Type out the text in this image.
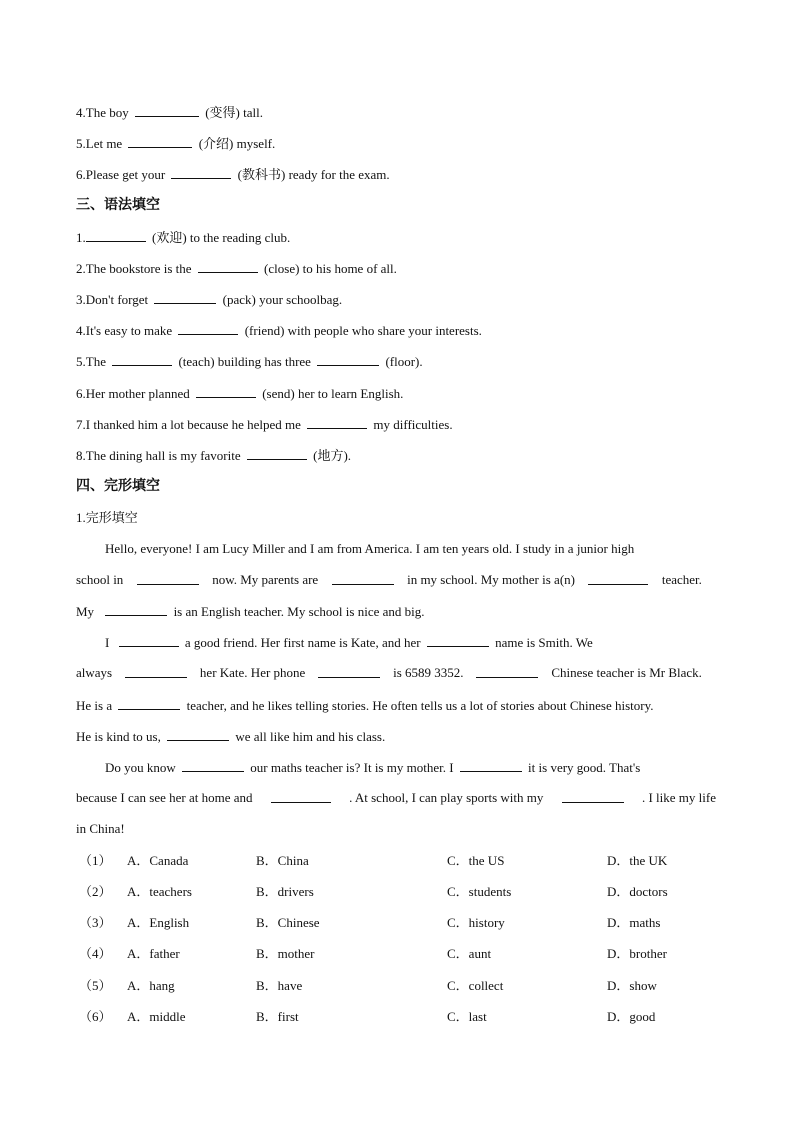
4.The boy	(变得) tall.
5.Let me	(介绍) myself.
6.Please get your	(教科书) ready for the exam.
三、语法填空
1.	(欢迎) to the reading club.
2.The bookstore is the	(close) to his home of all.
3.Don't forget	(pack) your schoolbag.
4.It's easy to make	(friend) with people who share your interests.
5.The	(teach) building has three	(floor).
6.Her mother planned	(send) her to learn English.
7.I thanked him a lot because he helped me	my difficulties.
8.The dining hall is my favorite	(地方).
四、完形填空
1.完形填空
Hello, everyone! I am Lucy Miller and I am from America. I am ten years old. I study in a junior high
school in	now. My parents are	in my school. My mother is a(n)	teacher.
My	is an English teacher. My school is nice and big.
I	a good friend. Her first name is Kate, and her	name is Smith. We
always	her Kate. Her phone	is 6589 3352.	Chinese teacher is Mr Black.
He is a	teacher, and he likes telling stories. He often tells us a lot of stories about Chinese history.
He is kind to us,	we all like him and his class.
Do you know	our maths teacher is? It is my mother. I	it is very good. That's
because I can see her at home and	. At school, I can play sports with my	. I like my life
in China!
（1） A．Canada	B．China	C．the US	D．the UK
（2） A．teachers	B．drivers	C．students	D．doctors
（3） A．English	B．Chinese	C．history	D．maths
（4） A．father	B．mother	C．aunt	D．brother
（5） A．hang	B．have	C．collect	D．show
（6） A．middle	B．first	C．last	D．good
